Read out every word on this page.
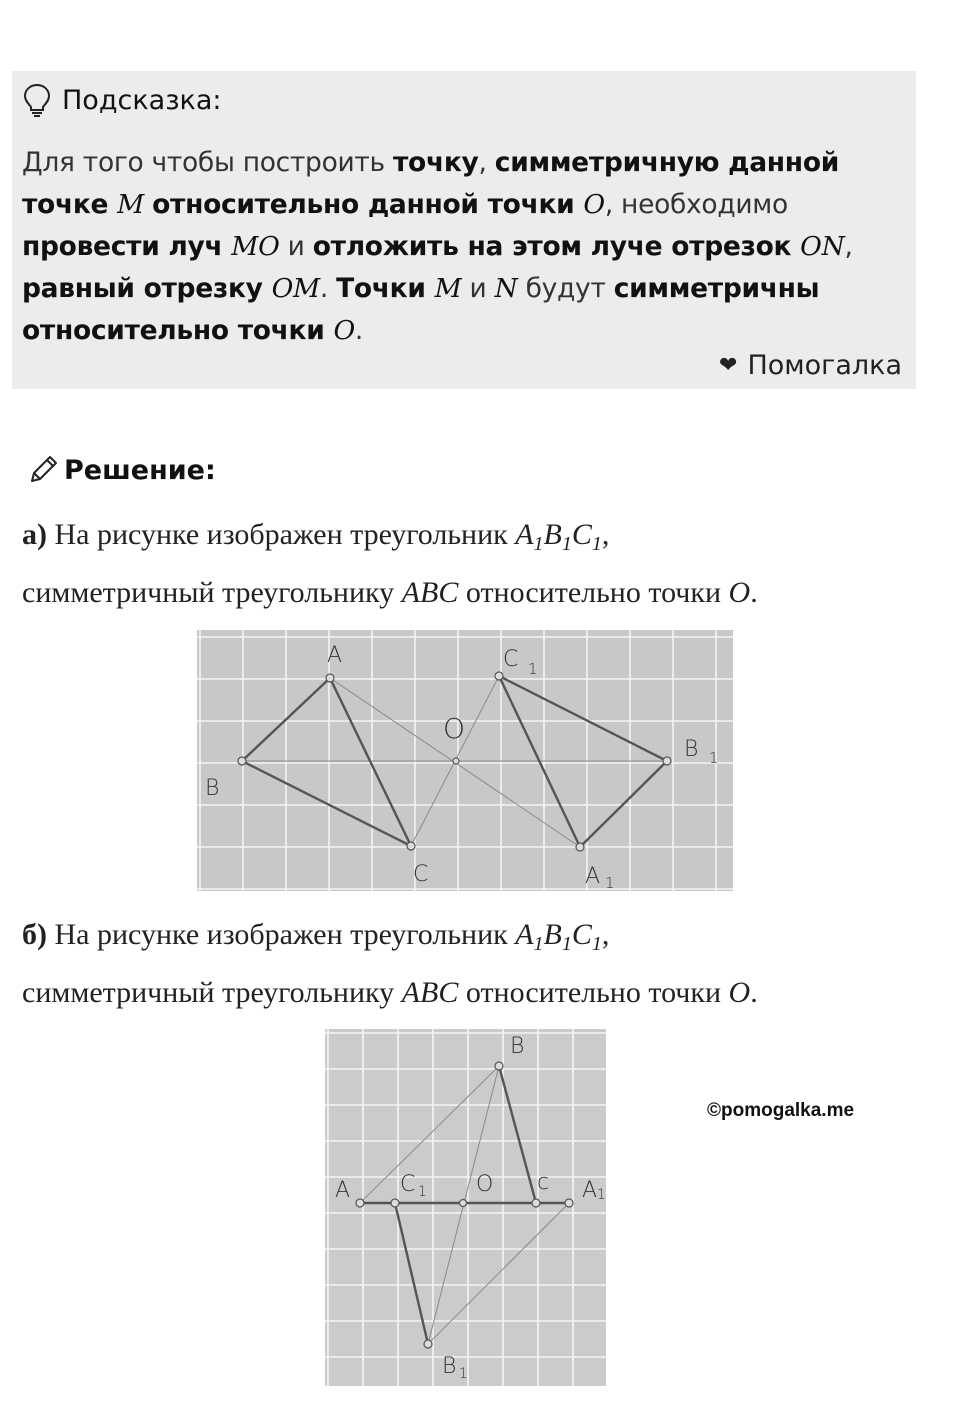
Подсказка:
Для того чтобы построить точку, симметричную данной точке M относительно данной точки O, необходимо провести луч MO и отложить на этом луче отрезок ON, равный отрезку OM. Точки M и N будут симметричны относительно точки O.
❤ Помогалка
Решение:
а) На рисунке изображен треугольник $A_1B_1C_1$,
симметричный треугольнику ABC относительно точки O.
A
B
C
O
C 1
B 1
A 1
б) На рисунке изображен треугольник $A_1B_1C_1$,
симметричный треугольнику ABC относительно точки O.
A
B
c
O
C 1	A 1
B 1
©pomogalka.me
